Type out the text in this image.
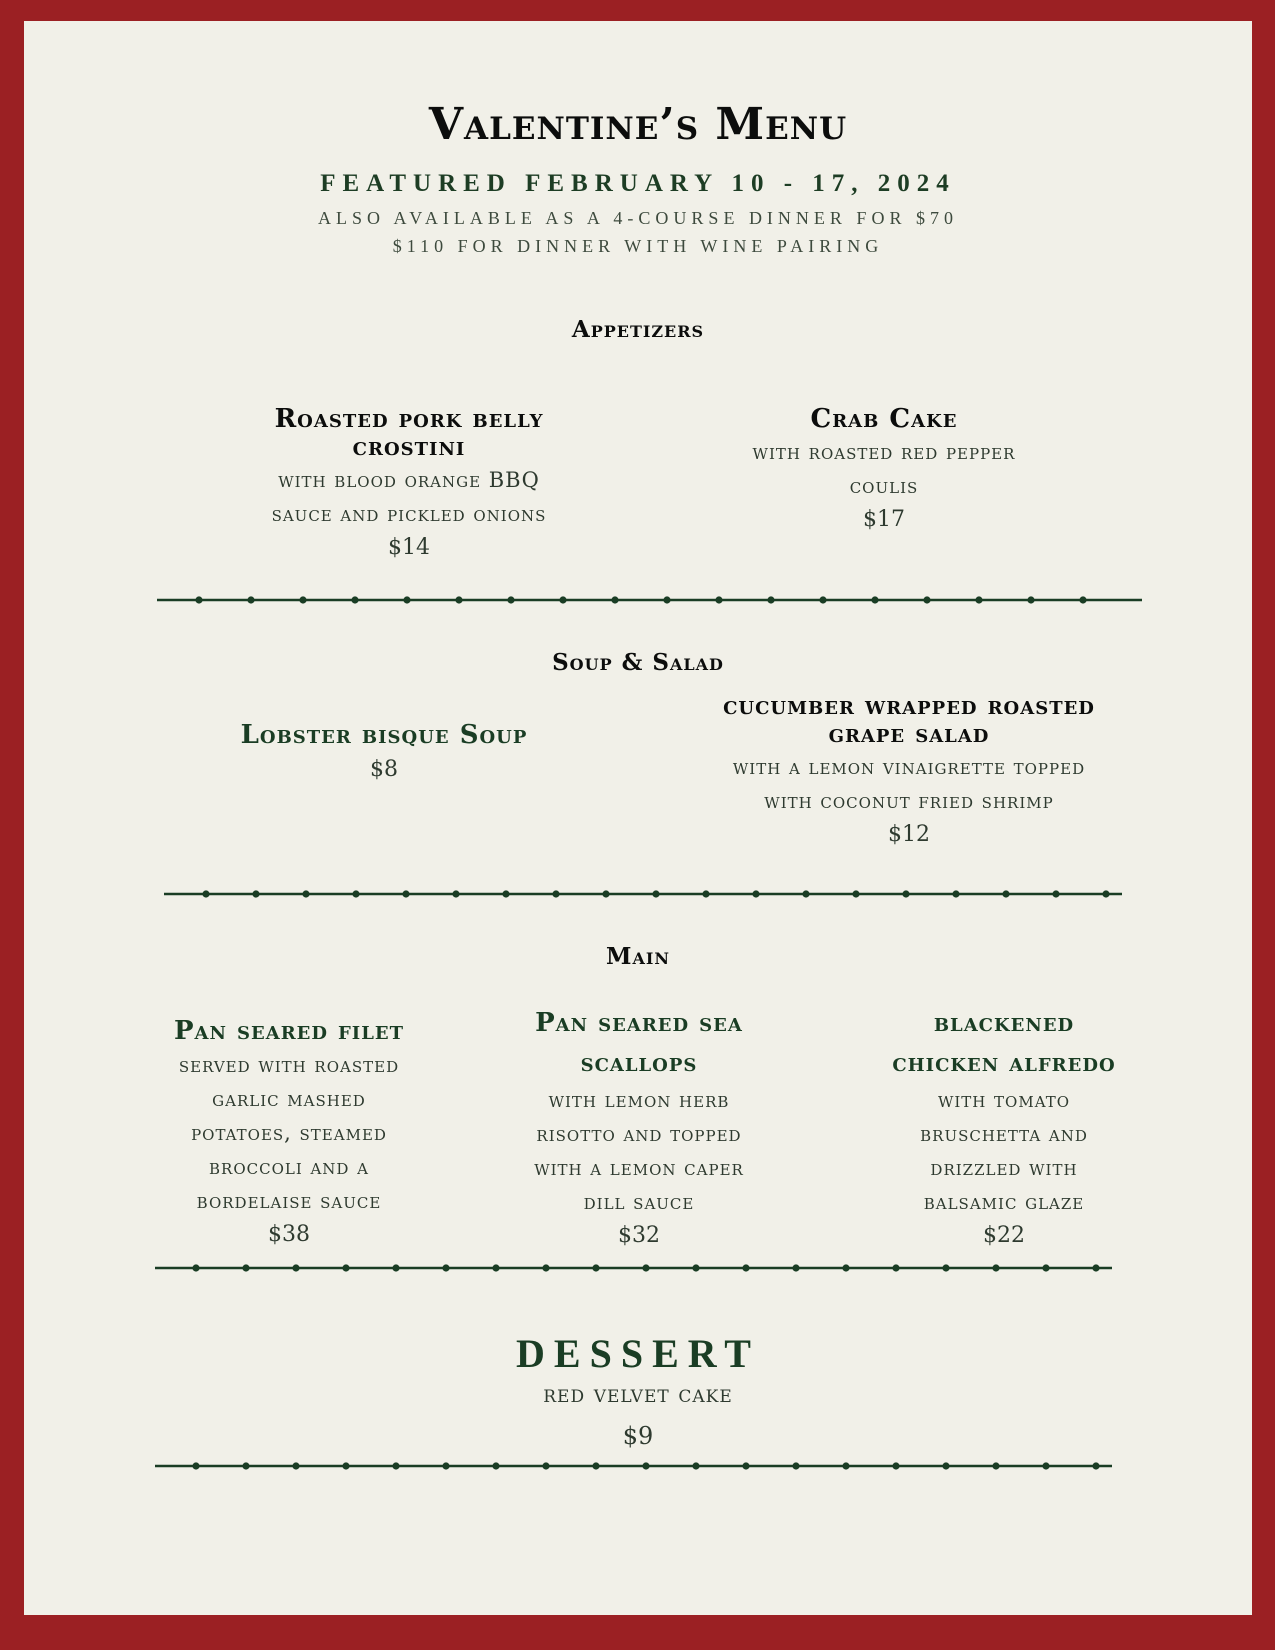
Valentine’s Menu
FEATURED FEBRUARY 10 - 17, 2024
ALSO AVAILABLE AS A 4-COURSE DINNER FOR $70
$110 FOR DINNER WITH WINE PAIRING
Appetizers
Roasted pork belly
crostini
with blood orange BBQ
sauce and pickled onions
$14
Crab Cake
with roasted red pepper
coulis
$17
Soup & Salad
Lobster bisque Soup
$8
cucumber wrapped roasted
grape salad
with a lemon vinaigrette topped
with coconut fried shrimp
$12
Main
Pan seared filet
served with roasted
garlic mashed
potatoes, steamed
broccoli and a
bordelaise sauce
$38
Pan seared sea
scallops
with lemon herb
risotto and topped
with a lemon caper
dill sauce
$32
blackened
chicken alfredo
with tomato
bruschetta and
drizzled with
balsamic glaze
$22
DESSERT
red velvet cake
$9
